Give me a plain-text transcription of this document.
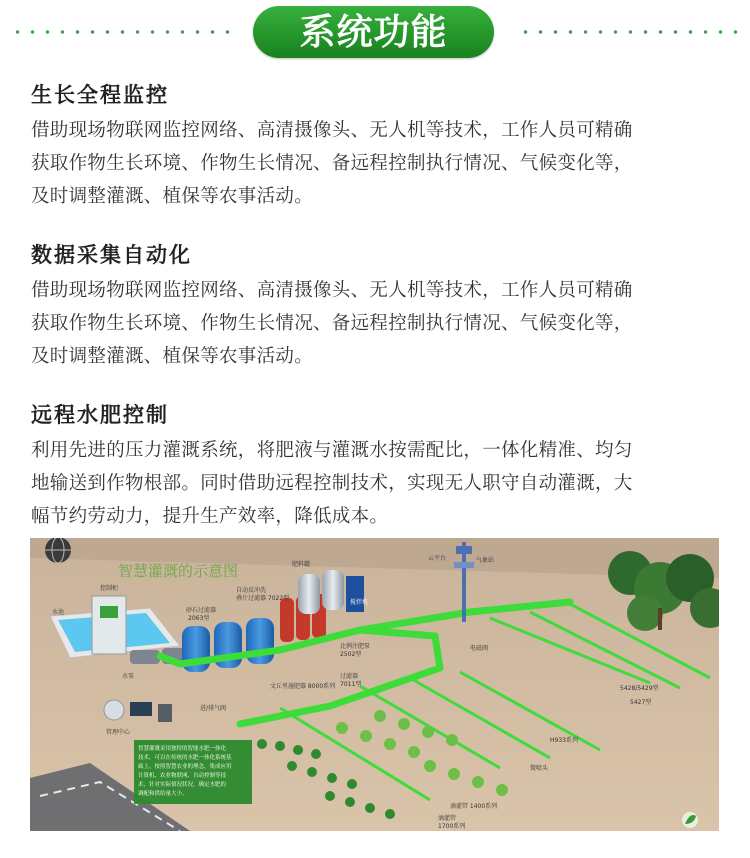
系统功能
生长全程监控

借助现场物联网监控网络、高清摄像头、无人机等技术，工作人员可精确
获取作物生长环境、作物生长情况、备远程控制执行情况、气候变化等，
及时调整灌溉、植保等农事活动。

数据采集自动化

借助现场物联网监控网络、高清摄像头、无人机等技术，工作人员可精确
获取作物生长环境、作物生长情况、备远程控制执行情况、气候变化等，
及时调整灌溉、植保等农事活动。

远程水肥控制

利用先进的压力灌溉系统，将肥液与灌溉水按需配比，一体化精准、均匀
地输送到作物根部。同时借助远程控制技术，实现无人职守自动灌溉，大
幅节约劳动力，提升生产效率，降低成本。

智慧灌溉的示意图
水池
控制柜
水泵
砂石过滤器
2063型
自动反冲洗
叠片过滤器 7022型
肥料罐
搅拌机
比例注肥泵
2502型
过滤器
7011型
文丘里施肥器 8000系列
进/排气阀
云平台	气象站
电磁阀
5428/5429型
5427型
H933系列
微喷头
滴灌带 1400系列
滴灌管
1700系列
管理中心
智慧灌溉采用独特的智能水肥一体化 技术，可以在传统的水肥一体化系统基 础上，按照智慧农业的理念，集成应用 计算机、农业物联网、自动控制等技 术，针对实际情况状况，确定水肥的 调配和供给量大小。
